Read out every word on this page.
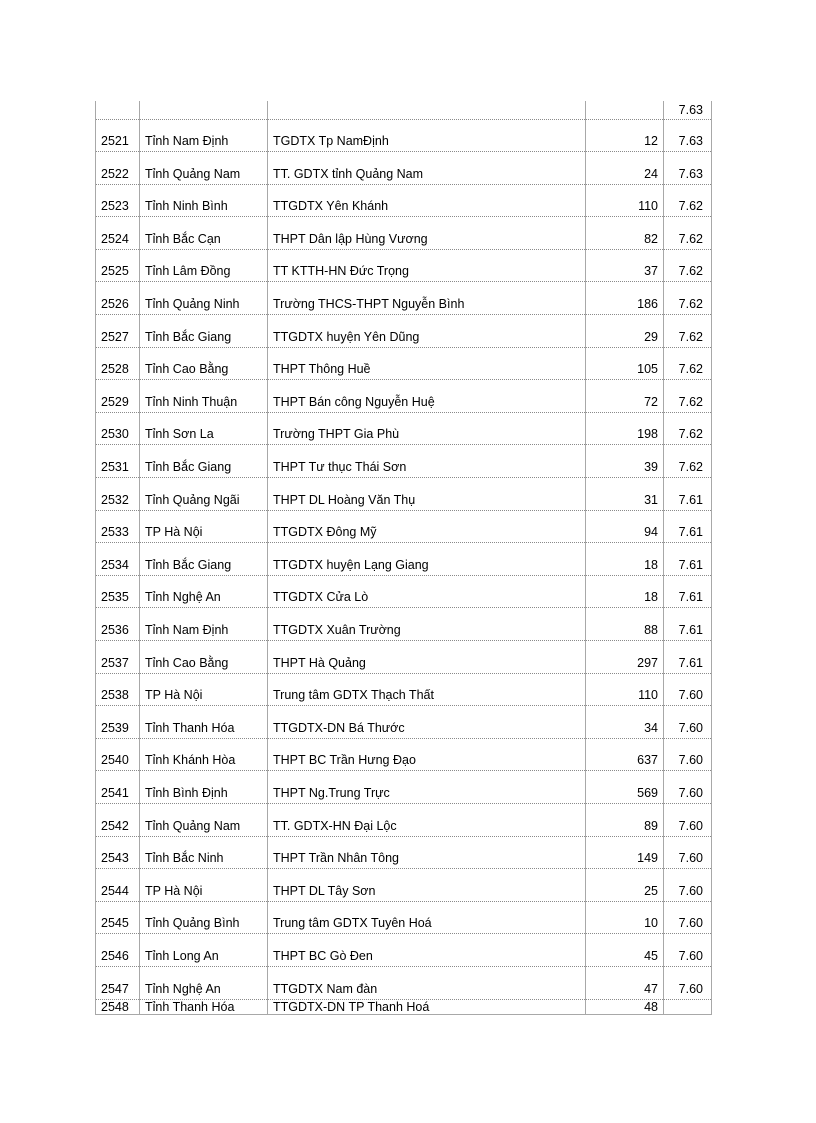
				7.63
2521	Tỉnh Nam Định	TGDTX Tp NamĐịnh	12	7.63
2522	Tỉnh Quảng Nam	TT. GDTX tỉnh Quảng Nam	24	7.63
2523	Tỉnh Ninh Bình	TTGDTX Yên Khánh	110	7.62
2524	Tỉnh Bắc Cạn	THPT Dân lập Hùng Vương	82	7.62
2525	Tỉnh Lâm Đồng	TT KTTH-HN Đức Trọng	37	7.62
2526	Tỉnh Quảng Ninh	Trường THCS-THPT Nguyễn Bình	186	7.62
2527	Tỉnh Bắc Giang	TTGDTX huyện Yên Dũng	29	7.62
2528	Tỉnh Cao Bằng	THPT Thông Huề	105	7.62
2529	Tỉnh Ninh Thuận	THPT Bán công Nguyễn Huệ	72	7.62
2530	Tỉnh Sơn La	Trường THPT Gia Phù	198	7.62
2531	Tỉnh Bắc Giang	THPT Tư thục Thái Sơn	39	7.62
2532	Tỉnh Quảng Ngãi	THPT DL Hoàng Văn Thụ	31	7.61
2533	TP Hà Nội	TTGDTX Đông Mỹ	94	7.61
2534	Tỉnh Bắc Giang	TTGDTX huyện Lạng Giang	18	7.61
2535	Tỉnh Nghệ An	TTGDTX Cửa Lò	18	7.61
2536	Tỉnh Nam Định	TTGDTX Xuân Trường	88	7.61
2537	Tỉnh Cao Bằng	THPT Hà Quảng	297	7.61
2538	TP Hà Nội	Trung tâm GDTX Thạch Thất	110	7.60
2539	Tỉnh Thanh Hóa	TTGDTX-DN Bá Thước	34	7.60
2540	Tỉnh Khánh Hòa	THPT BC Trần Hưng Đạo	637	7.60
2541	Tỉnh Bình Định	THPT Ng.Trung Trực	569	7.60
2542	Tỉnh Quảng Nam	TT. GDTX-HN Đại Lộc	89	7.60
2543	Tỉnh Bắc Ninh	THPT Trần Nhân Tông	149	7.60
2544	TP Hà Nội	THPT DL Tây Sơn	25	7.60
2545	Tỉnh Quảng Bình	Trung tâm GDTX Tuyên Hoá	10	7.60
2546	Tỉnh Long An	THPT BC Gò Đen	45	7.60
2547	Tỉnh Nghệ An	TTGDTX Nam đàn	47	7.60
2548	Tỉnh Thanh Hóa	TTGDTX-DN TP Thanh Hoá	48	
